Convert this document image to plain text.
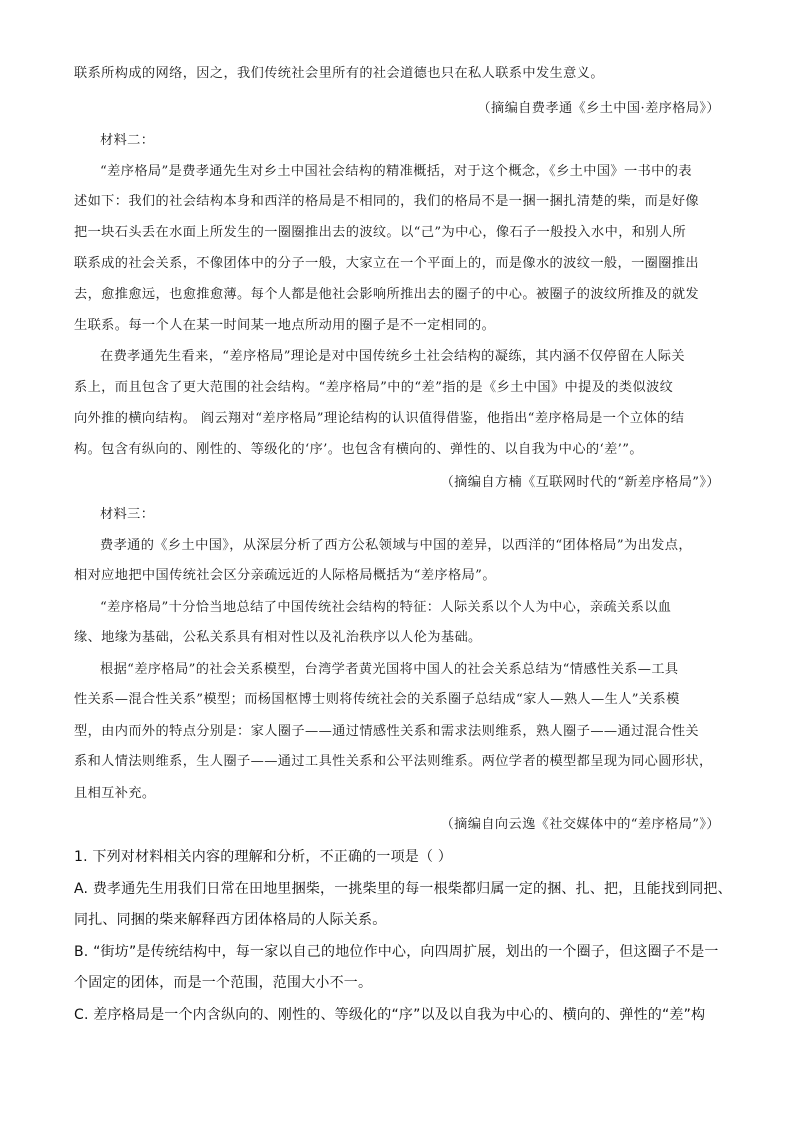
联系所构成的网络，因之，我们传统社会里所有的社会道德也只在私人联系中发生意义。
（摘编自费孝通《乡土中国·差序格局》）
材料二：
“差序格局”是费孝通先生对乡土中国社会结构的精准概括，对于这个概念，《乡土中国》一书中的表
述如下：我们的社会结构本身和西洋的格局是不相同的，我们的格局不是一捆一捆扎清楚的柴，而是好像
把一块石头丢在水面上所发生的一圈圈推出去的波纹。以“己”为中心，像石子一般投入水中，和别人所
联系成的社会关系，不像团体中的分子一般，大家立在一个平面上的，而是像水的波纹一般，一圈圈推出
去，愈推愈远，也愈推愈薄。每个人都是他社会影响所推出去的圈子的中心。被圈子的波纹所推及的就发
生联系。每一个人在某一时间某一地点所动用的圈子是不一定相同的。
在费孝通先生看来，“差序格局”理论是对中国传统乡土社会结构的凝练，其内涵不仅停留在人际关
系上，而且包含了更大范围的社会结构。“差序格局”中的“差”指的是《乡土中国》中提及的类似波纹
向外推的横向结构。 阎云翔对“差序格局”理论结构的认识值得借鉴，他指出“差序格局是一个立体的结
构。包含有纵向的、刚性的、等级化的‘序’。也包含有横向的、弹性的、以自我为中心的‘差’”。
（摘编自方楠《互联网时代的“新差序格局”》）
材料三：
费孝通的《乡土中国》，从深层分析了西方公私领域与中国的差异，以西洋的“团体格局”为出发点，
相对应地把中国传统社会区分亲疏远近的人际格局概括为“差序格局”。
“差序格局”十分恰当地总结了中国传统社会结构的特征：人际关系以个人为中心，亲疏关系以血
缘、地缘为基础，公私关系具有相对性以及礼治秩序以人伦为基础。
根据“差序格局”的社会关系模型，台湾学者黄光国将中国人的社会关系总结为“情感性关系—工具
性关系—混合性关系”模型；而杨国枢博士则将传统社会的关系圈子总结成“家人—熟人—生人”关系模
型，由内而外的特点分别是：家人圈子——通过情感性关系和需求法则维系，熟人圈子——通过混合性关
系和人情法则维系，生人圈子——通过工具性关系和公平法则维系。两位学者的模型都呈现为同心圆形状，
且相互补充。
（摘编自向云逸《社交媒体中的“差序格局”》）
1. 下列对材料相关内容的理解和分析，不正确的一项是（ ）
A. 费孝通先生用我们日常在田地里捆柴，一挑柴里的每一根柴都归属一定的捆、扎、把，且能找到同把、
同扎、同捆的柴来解释西方团体格局的人际关系。
B. “街坊”是传统结构中，每一家以自己的地位作中心，向四周扩展，划出的一个圈子，但这圈子不是一
个固定的团体，而是一个范围，范围大小不一。
C. 差序格局是一个内含纵向的、刚性的、等级化的“序”以及以自我为中心的、横向的、弹性的“差”构
